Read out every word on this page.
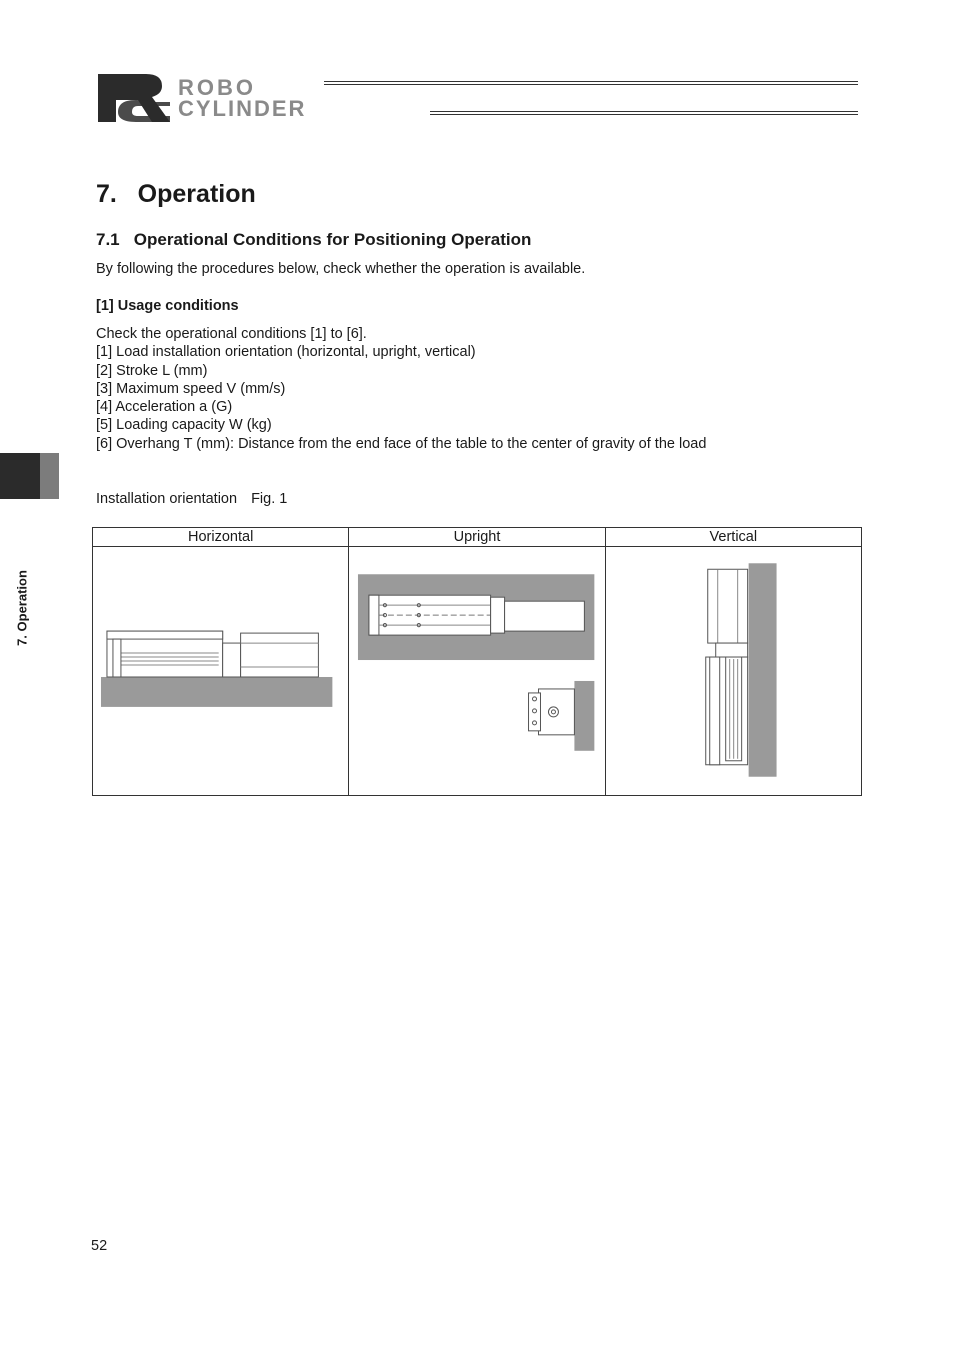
ROBO
CYLINDER
7. Operation
7.   Operation
7.1   Operational Conditions for Positioning Operation
By following the procedures below, check whether the operation is available.
[1] Usage conditions
Check the operational conditions [1] to [6].
[1] Load installation orientation (horizontal, upright, vertical)
[2] Stroke L (mm)
[3] Maximum speed V (mm/s)
[4] Acceleration a (G)
[5] Loading capacity W (kg)
[6] Overhang T (mm): Distance from the end face of the table to the center of gravity of the load
Installation orientation Fig. 1
Horizontal	Upright	Vertical

52
